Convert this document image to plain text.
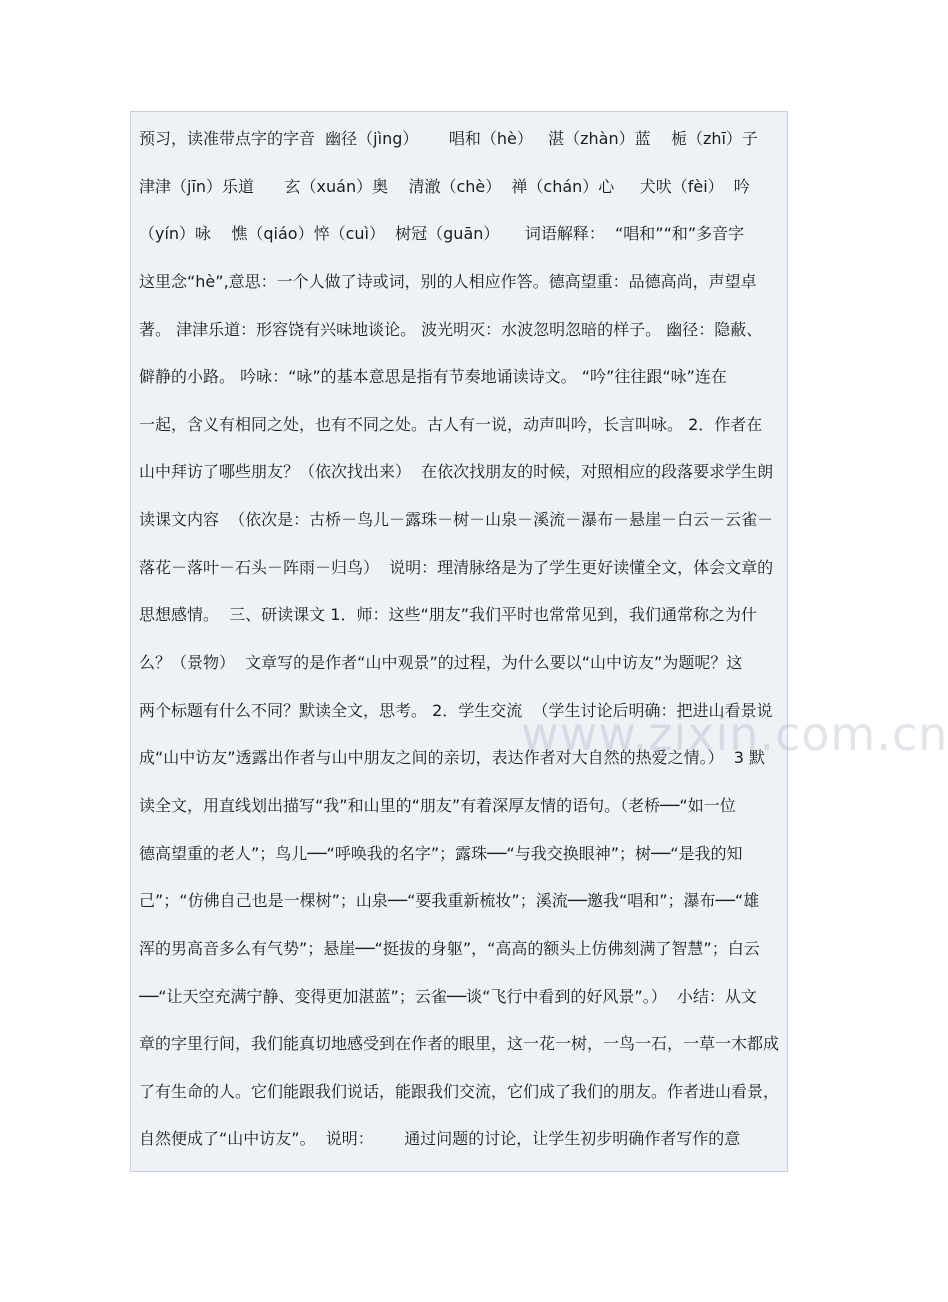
www.zixin.com.cn
预习，读准带点字的字音  幽径（jìng）      唱和（hè）   湛（zhàn）蓝    栀（zhī）子
津津（jīn）乐道      玄（xuán）奥    清澈（chè）  禅（chán）心     犬吠（fèi）  吟
（yín）咏    憔（qiáo）悴（cuì）  树冠（guān）     词语解释：  “唱和”“和”多音字
这里念“hè”,意思：一个人做了诗或词，别的人相应作答。德高望重：品德高尚，声望卓
著。 津津乐道：形容饶有兴味地谈论。 波光明灭：水波忽明忽暗的样子。 幽径：隐蔽、
僻静的小路。 吟咏：“咏”的基本意思是指有节奏地诵读诗文。 “吟”往往跟“咏”连在
一起，含义有相同之处，也有不同之处。古人有一说，动声叫吟，长言叫咏。 2．作者在
山中拜访了哪些朋友？（依次找出来）  在依次找朋友的时候，对照相应的段落要求学生朗
读课文内容  （依次是：古桥－鸟儿－露珠－树－山泉－溪流－瀑布－悬崖－白云－云雀－
落花－落叶－石头－阵雨－归鸟）  说明：理清脉络是为了学生更好读懂全文，体会文章的
思想感情。  三、研读课文 1．师：这些“朋友”我们平时也常常见到，我们通常称之为什
么？（景物）  文章写的是作者“山中观景”的过程，为什么要以“山中访友”为题呢？这
两个标题有什么不同？默读全文，思考。 2．学生交流  （学生讨论后明确：把进山看景说
成“山中访友”透露出作者与山中朋友之间的亲切，表达作者对大自然的热爱之情。）  3 默
读全文，用直线划出描写“我”和山里的“朋友”有着深厚友情的语句。（老桥──“如一位
德高望重的老人”；鸟儿──“呼唤我的名字”；露珠──“与我交换眼神”；树──“是我的知
己”；“仿佛自己也是一棵树”；山泉──“要我重新梳妆”；溪流──邀我“唱和”；瀑布──“雄
浑的男高音多么有气势”；悬崖──“挺拔的身躯”，“高高的额头上仿佛刻满了智慧”；白云
──“让天空充满宁静、变得更加湛蓝”；云雀──谈“飞行中看到的好风景”。）  小结：从文
章的字里行间，我们能真切地感受到在作者的眼里，这一花一树，一鸟一石，一草一木都成
了有生命的人。它们能跟我们说话，能跟我们交流，它们成了我们的朋友。作者进山看景，
自然便成了“山中访友”。  说明：      通过问题的讨论，让学生初步明确作者写作的意
